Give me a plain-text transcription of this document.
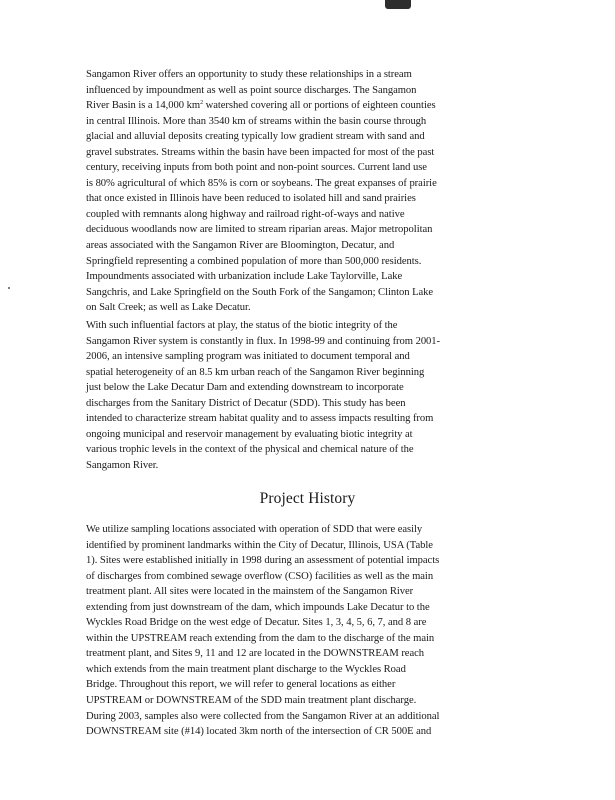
Sangamon River offers an opportunity to study these relationships in a stream
influenced by impoundment as well as point source discharges. The Sangamon
River Basin is a 14,000 $km^2$ watershed covering all or portions of eighteen counties
in central Illinois. More than 3540 km of streams within the basin course through
glacial and alluvial deposits creating typically low gradient stream with sand and
gravel substrates. Streams within the basin have been impacted for most of the past
century, receiving inputs from both point and non-point sources. Current land use
is 80% agricultural of which 85% is corn or soybeans. The great expanses of prairie
that once existed in Illinois have been reduced to isolated hill and sand prairies
coupled with remnants along highway and railroad right-of-ways and native
deciduous woodlands now are limited to stream riparian areas. Major metropolitan
areas associated with the Sangamon River are Bloomington, Decatur, and
Springfield representing a combined population of more than 500,000 residents.
Impoundments associated with urbanization include Lake Taylorville, Lake
Sangchris, and Lake Springfield on the South Fork of the Sangamon; Clinton Lake
on Salt Creek; as well as Lake Decatur.
With such influential factors at play, the status of the biotic integrity of the
Sangamon River system is constantly in flux. In 1998-99 and continuing from 2001-
2006, an intensive sampling program was initiated to document temporal and
spatial heterogeneity of an 8.5 km urban reach of the Sangamon River beginning
just below the Lake Decatur Dam and extending downstream to incorporate
discharges from the Sanitary District of Decatur (SDD). This study has been
intended to characterize stream habitat quality and to assess impacts resulting from
ongoing municipal and reservoir management by evaluating biotic integrity at
various trophic levels in the context of the physical and chemical nature of the
Sangamon River.
Project History
We utilize sampling locations associated with operation of SDD that were easily
identified by prominent landmarks within the City of Decatur, Illinois, USA (Table
1). Sites were established initially in 1998 during an assessment of potential impacts
of discharges from combined sewage overflow (CSO) facilities as well as the main
treatment plant. All sites were located in the mainstem of the Sangamon River
extending from just downstream of the dam, which impounds Lake Decatur to the
Wyckles Road Bridge on the west edge of Decatur. Sites 1, 3, 4, 5, 6, 7, and 8 are
within the UPSTREAM reach extending from the dam to the discharge of the main
treatment plant, and Sites 9, 11 and 12 are located in the DOWNSTREAM reach
which extends from the main treatment plant discharge to the Wyckles Road
Bridge. Throughout this report, we will refer to general locations as either
UPSTREAM or DOWNSTREAM of the SDD main treatment plant discharge.
During 2003, samples also were collected from the Sangamon River at an additional
DOWNSTREAM site (#14) located 3km north of the intersection of CR 500E and
